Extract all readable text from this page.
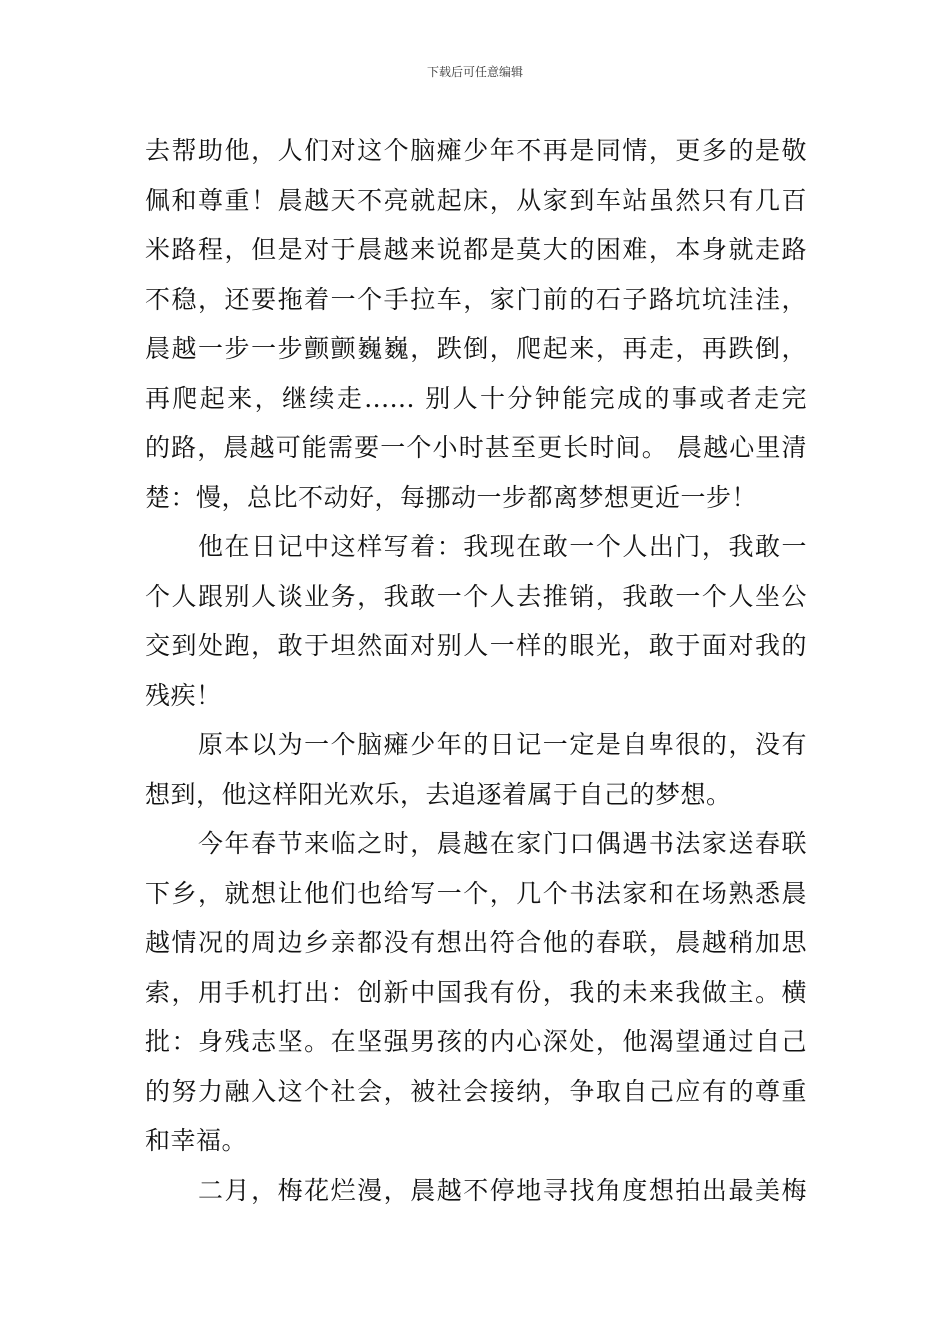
下载后可任意编辑
去帮助他，人们对这个脑瘫少年不再是同情，更多的是敬
佩和尊重！晨越天不亮就起床，从家到车站虽然只有几百
米路程，但是对于晨越来说都是莫大的困难，本身就走路
不稳，还要拖着一个手拉车，家门前的石子路坑坑洼洼，
晨越一步一步颤颤巍巍，跌倒，爬起来，再走，再跌倒，
再爬起来，继续走...... 别人十分钟能完成的事或者走完
的路，晨越可能需要一个小时甚至更长时间。 晨越心里清
楚：慢，总比不动好，每挪动一步都离梦想更近一步！
　　他在日记中这样写着：我现在敢一个人出门，我敢一
个人跟别人谈业务，我敢一个人去推销，我敢一个人坐公
交到处跑，敢于坦然面对别人一样的眼光，敢于面对我的
残疾！
　　原本以为一个脑瘫少年的日记一定是自卑很的，没有
想到，他这样阳光欢乐，去追逐着属于自己的梦想。
　　今年春节来临之时，晨越在家门口偶遇书法家送春联
下乡，就想让他们也给写一个，几个书法家和在场熟悉晨
越情况的周边乡亲都没有想出符合他的春联，晨越稍加思
索，用手机打出：创新中国我有份，我的未来我做主。横
批：身残志坚。在坚强男孩的内心深处，他渴望通过自己
的努力融入这个社会，被社会接纳，争取自己应有的尊重
和幸福。
　　二月，梅花烂漫，晨越不停地寻找角度想拍出最美梅
